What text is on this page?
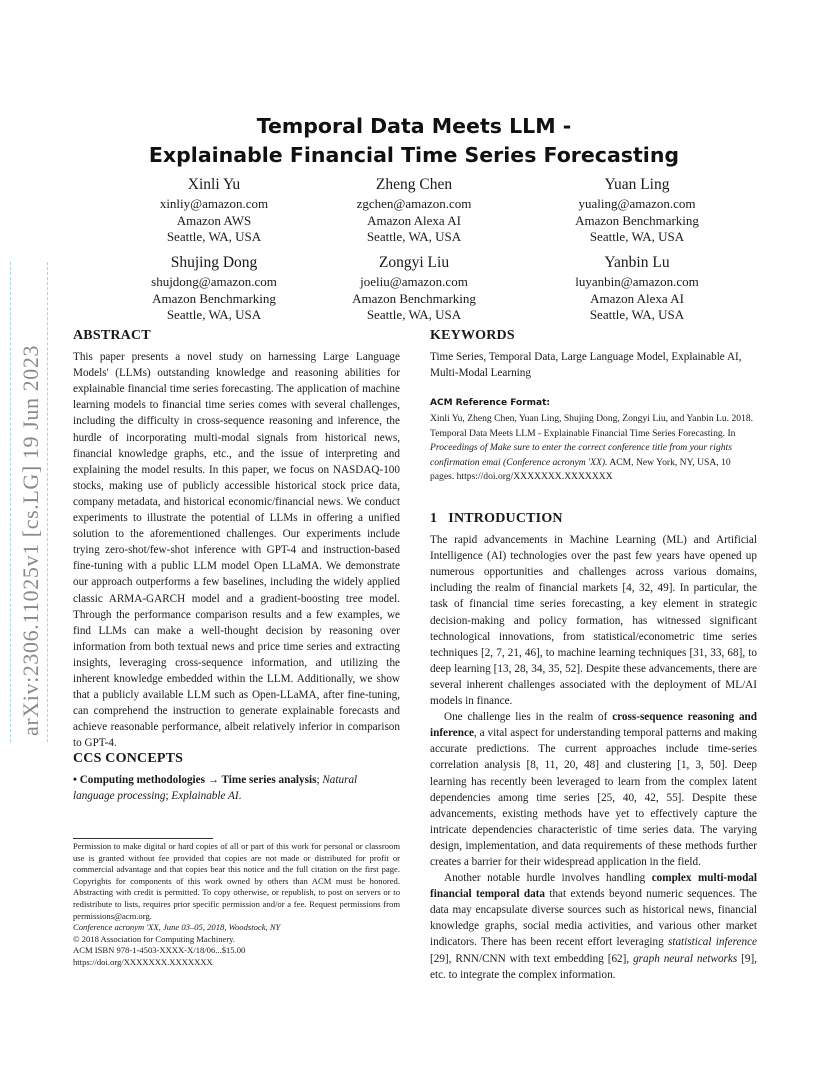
arXiv:2306.11025v1 [cs.LG] 19 Jun 2023
Temporal Data Meets LLM -
Explainable Financial Time Series Forecasting
Xinli Yu
xinliy@amazon.com
Amazon AWS
Seattle, WA, USA
Zheng Chen
zgchen@amazon.com
Amazon Alexa AI
Seattle, WA, USA
Yuan Ling
yualing@amazon.com
Amazon Benchmarking
Seattle, WA, USA
Shujing Dong
shujdong@amazon.com
Amazon Benchmarking
Seattle, WA, USA
Zongyi Liu
joeliu@amazon.com
Amazon Benchmarking
Seattle, WA, USA
Yanbin Lu
luyanbin@amazon.com
Amazon Alexa AI
Seattle, WA, USA
ABSTRACT

This paper presents a novel study on harnessing Large Language Models' (LLMs) outstanding knowledge and reasoning abilities for explainable financial time series forecasting. The application of machine learning models to financial time series comes with several challenges, including the difficulty in cross-sequence reasoning and inference, the hurdle of incorporating multi-modal signals from historical news, financial knowledge graphs, etc., and the issue of interpreting and explaining the model results. In this paper, we focus on NASDAQ-100 stocks, making use of publicly accessible historical stock price data, company metadata, and historical economic/financial news. We conduct experiments to illustrate the potential of LLMs in offering a unified solution to the aforementioned challenges. Our experiments include trying zero-shot/few-shot inference with GPT-4 and instruction-based fine-tuning with a public LLM model Open LLaMA. We demonstrate our approach outperforms a few baselines, including the widely applied classic ARMA-GARCH model and a gradient-boosting tree model. Through the performance comparison results and a few examples, we find LLMs can make a well-thought decision by reasoning over information from both textual news and price time series and extracting insights, leveraging cross-sequence information, and utilizing the inherent knowledge embedded within the LLM. Additionally, we show that a publicly available LLM such as Open-LLaMA, after fine-tuning, can comprehend the instruction to generate explainable forecasts and achieve reasonable performance, albeit relatively inferior in comparison to GPT-4.

CCS CONCEPTS

• Computing methodologies → Time series analysis; Natural language processing; Explainable AI.

Permission to make digital or hard copies of all or part of this work for personal or classroom use is granted without fee provided that copies are not made or distributed for profit or commercial advantage and that copies bear this notice and the full citation on the first page. Copyrights for components of this work owned by others than ACM must be honored. Abstracting with credit is permitted. To copy otherwise, or republish, to post on servers or to redistribute to lists, requires prior specific permission and/or a fee. Request permissions from permissions@acm.org.

Conference acronym 'XX, June 03–05, 2018, Woodstock, NY

© 2018 Association for Computing Machinery.

ACM ISBN 978-1-4503-XXXX-X/18/06...$15.00

https://doi.org/XXXXXXX.XXXXXXX

KEYWORDS

Time Series, Temporal Data, Large Language Model, Explainable AI, Multi-Modal Learning

ACM Reference Format:

Xinli Yu, Zheng Chen, Yuan Ling, Shujing Dong, Zongyi Liu, and Yanbin Lu. 2018. Temporal Data Meets LLM - Explainable Financial Time Series Forecasting. In Proceedings of Make sure to enter the correct conference title from your rights confirmation emai (Conference acronym 'XX). ACM, New York, NY, USA, 10 pages. https://doi.org/XXXXXXX.XXXXXXX

1   INTRODUCTION

The rapid advancements in Machine Learning (ML) and Artificial Intelligence (AI) technologies over the past few years have opened up numerous opportunities and challenges across various domains, including the realm of financial markets [4, 32, 49]. In particular, the task of financial time series forecasting, a key element in strategic decision-making and policy formation, has witnessed significant technological innovations, from statistical/econometric time series techniques [2, 7, 21, 46], to machine learning techniques [31, 33, 68], to deep learning [13, 28, 34, 35, 52]. Despite these advancements, there are several inherent challenges associated with the deployment of ML/AI models in finance.

One challenge lies in the realm of cross-sequence reasoning and inference, a vital aspect for understanding temporal patterns and making accurate predictions. The current approaches include time-series correlation analysis [8, 11, 20, 48] and clustering [1, 3, 50]. Deep learning has recently been leveraged to learn from the complex latent dependencies among time series [25, 40, 42, 55]. Despite these advancements, existing methods have yet to effectively capture the intricate dependencies characteristic of time series data. The varying design, implementation, and data requirements of these methods further creates a barrier for their widespread application in the field.

Another notable hurdle involves handling complex multi-modal financial temporal data that extends beyond numeric sequences. The data may encapsulate diverse sources such as historical news, financial knowledge graphs, social media activities, and various other market indicators. There has been recent effort leveraging statistical inference [29], RNN/CNN with text embedding [62], graph neural networks [9], etc. to integrate the complex information.
